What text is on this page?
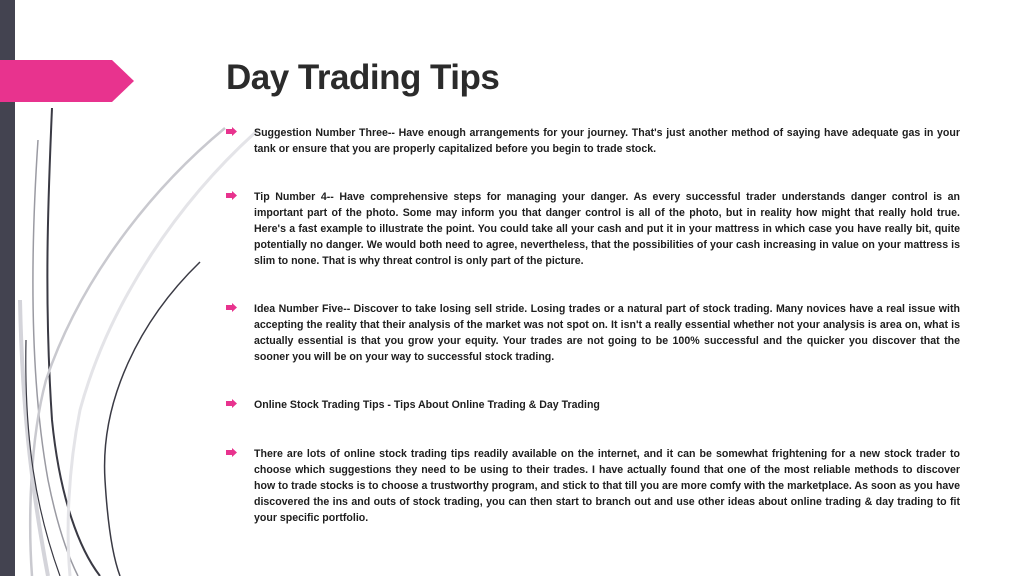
Day Trading Tips
Suggestion Number Three-- Have enough arrangements for your journey. That's just another method of saying have adequate gas in your tank or ensure that you are properly capitalized before you begin to trade stock.
Tip Number 4-- Have comprehensive steps for managing your danger. As every successful trader understands danger control is an important part of the photo. Some may inform you that danger control is all of the photo, but in reality how might that really hold true. Here's a fast example to illustrate the point. You could take all your cash and put it in your mattress in which case you have really bit, quite potentially no danger. We would both need to agree, nevertheless, that the possibilities of your cash increasing in value on your mattress is slim to none. That is why threat control is only part of the picture.
Idea Number Five-- Discover to take losing sell stride. Losing trades or a natural part of stock trading. Many novices have a real issue with accepting the reality that their analysis of the market was not spot on. It isn't a really essential whether not your analysis is area on, what is actually essential is that you grow your equity. Your trades are not going to be 100% successful and the quicker you discover that the sooner you will be on your way to successful stock trading.
Online Stock Trading Tips - Tips About Online Trading & Day Trading
There are lots of online stock trading tips readily available on the internet, and it can be somewhat frightening for a new stock trader to choose which suggestions they need to be using to their trades. I have actually found that one of the most reliable methods to discover how to trade stocks is to choose a trustworthy program, and stick to that till you are more comfy with the marketplace. As soon as you have discovered the ins and outs of stock trading, you can then start to branch out and use other ideas about online trading & day trading to fit your specific portfolio.
